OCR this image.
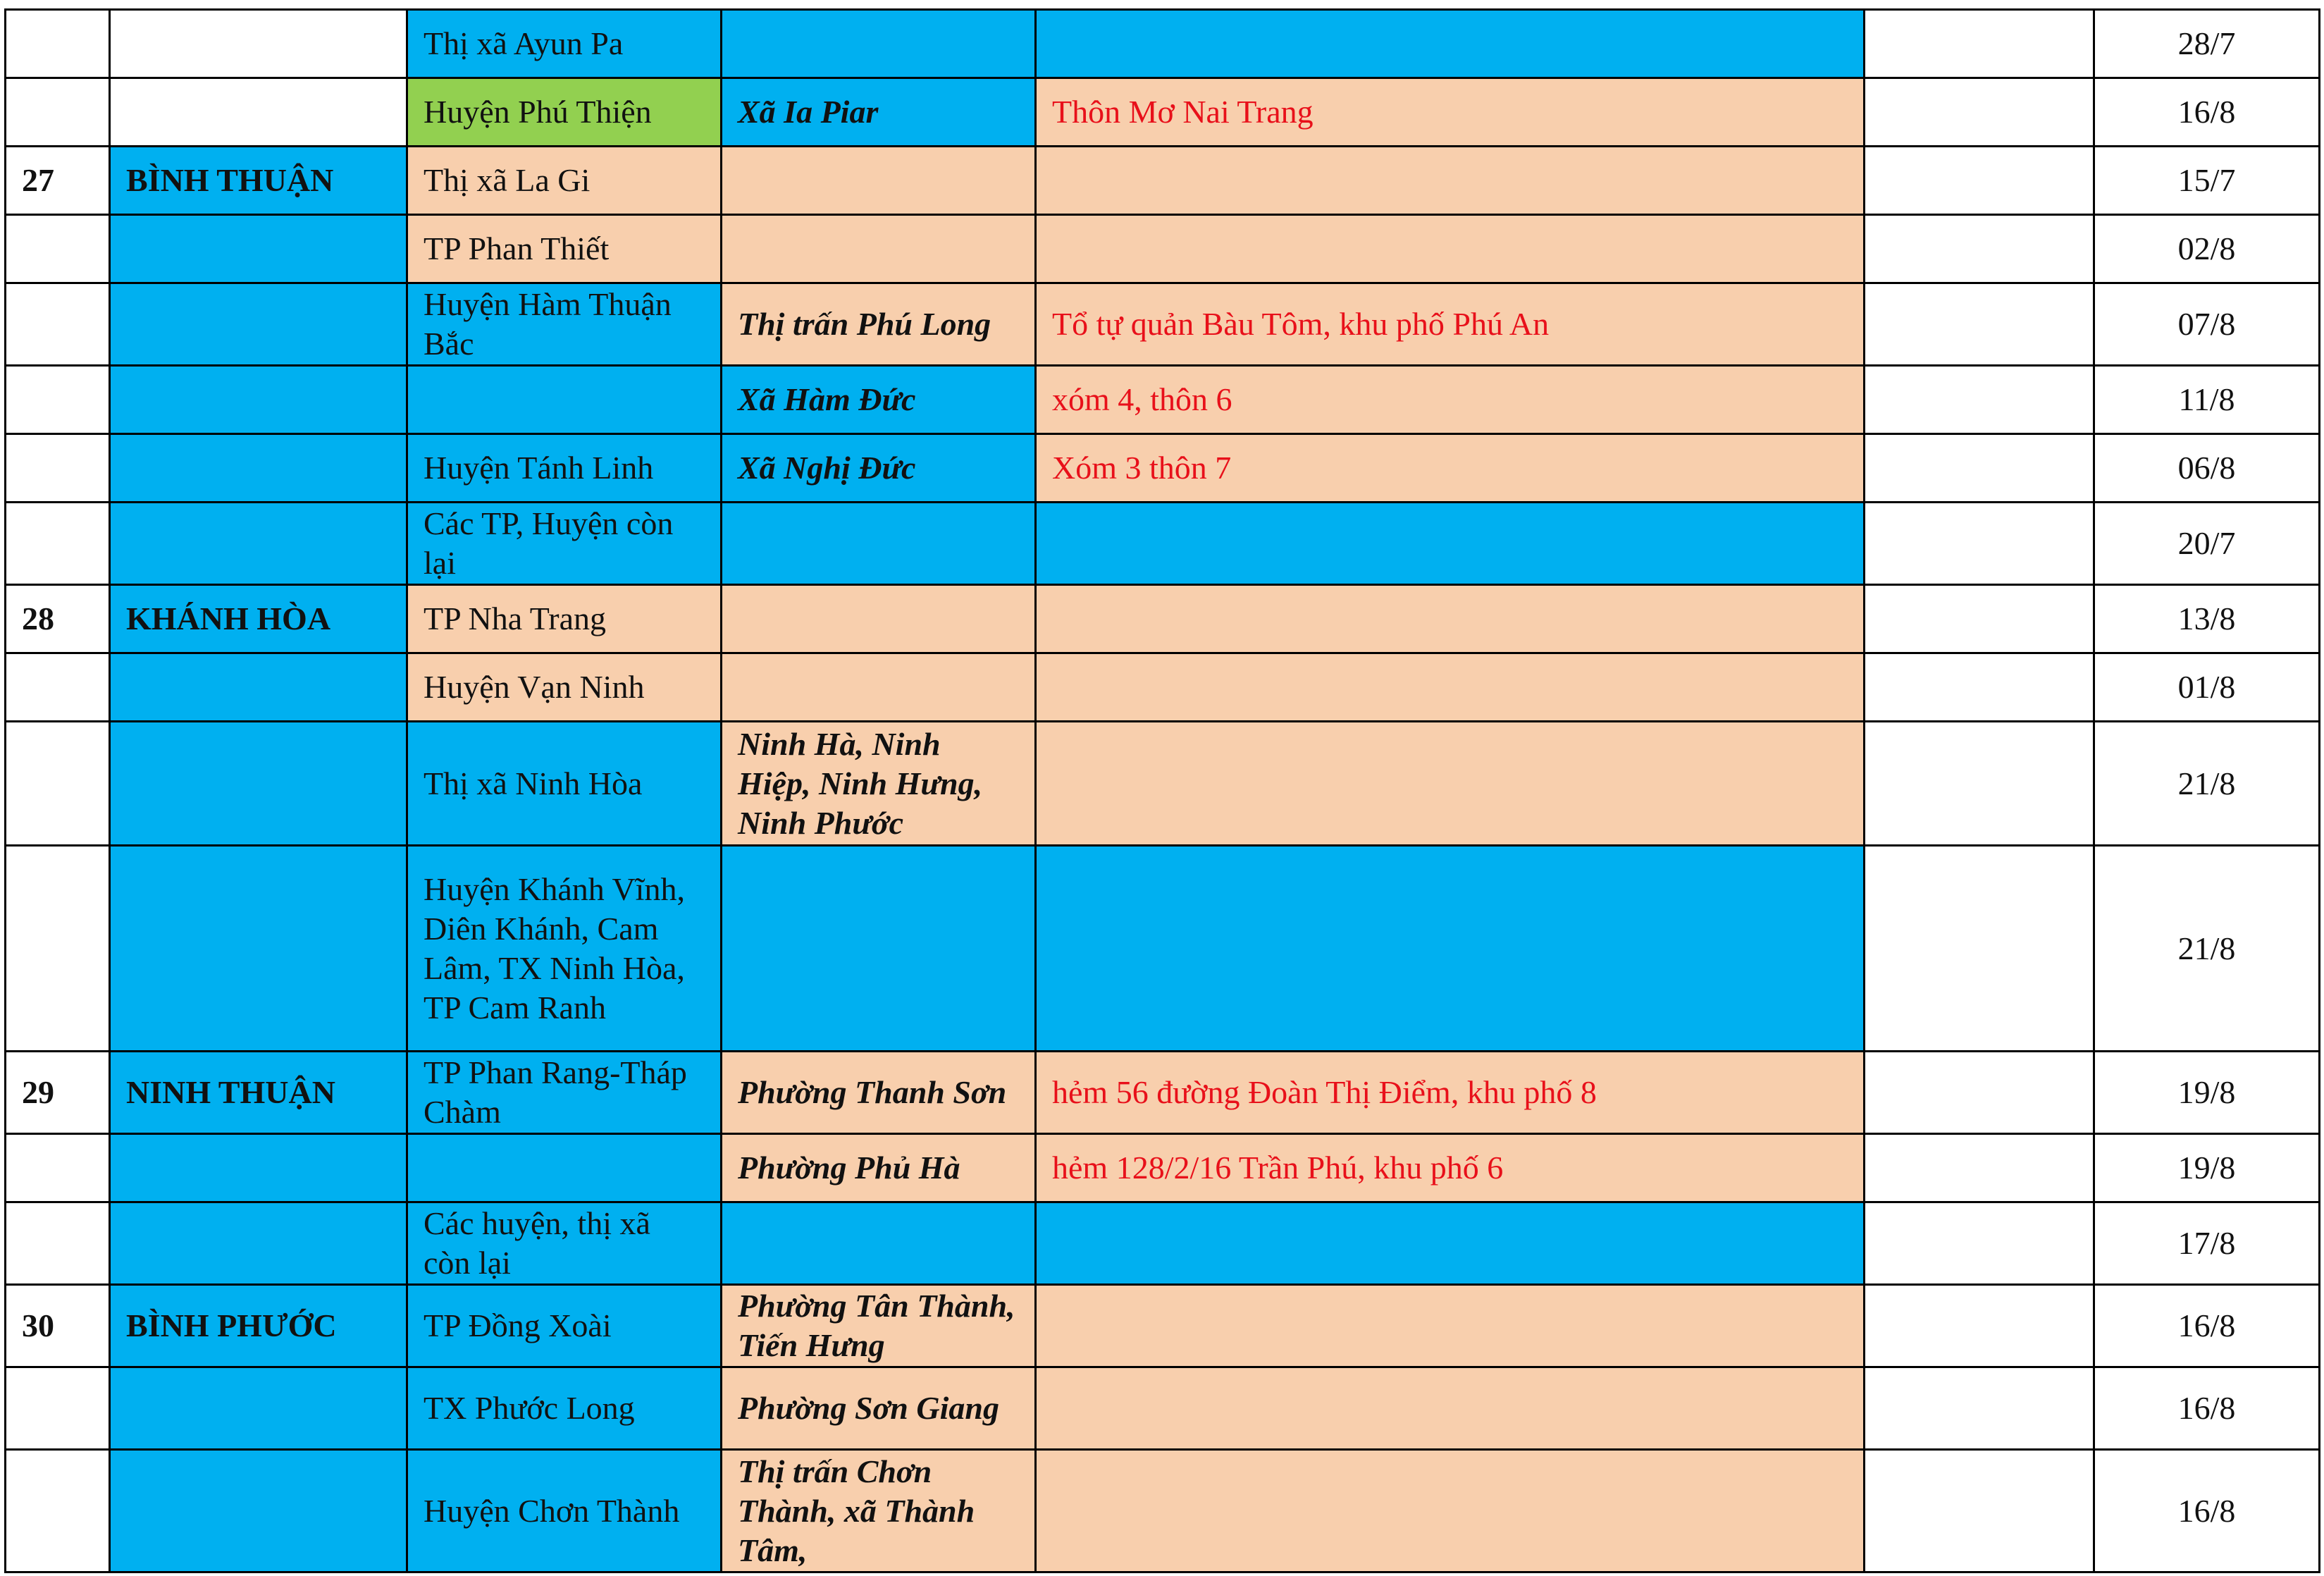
		Thị xã Ayun Pa				28/7
		Huyện Phú Thiện	Xã Ia Piar	Thôn Mơ Nai Trang		16/8
27	BÌNH THUẬN	Thị xã La Gi				15/7
		TP Phan Thiết				02/8
		Huyện Hàm Thuận Bắc	Thị trấn Phú Long	Tổ tự quản Bàu Tôm, khu phố Phú An		07/8
			Xã Hàm Đức	xóm 4, thôn 6		11/8
		Huyện Tánh Linh	Xã Nghị Đức	Xóm 3 thôn 7		06/8
		Các TP, Huyện còn lại				20/7
28	KHÁNH HÒA	TP Nha Trang				13/8
		Huyện Vạn Ninh				01/8
		Thị xã Ninh Hòa	Ninh Hà, Ninh Hiệp, Ninh Hưng, Ninh Phước			21/8
		Huyện Khánh Vĩnh, Diên Khánh, Cam Lâm, TX Ninh Hòa, TP Cam Ranh				21/8
29	NINH THUẬN	TP Phan Rang-Tháp Chàm	Phường Thanh Sơn	hẻm 56 đường Đoàn Thị Điểm, khu phố 8		19/8
			Phường Phủ Hà	hẻm 128/2/16 Trần Phú, khu phố 6		19/8
		Các huyện, thị xã còn lại				17/8
30	BÌNH PHƯỚC	TP Đồng Xoài	Phường Tân Thành, Tiến Hưng			16/8
		TX Phước Long	Phường Sơn Giang			16/8
		Huyện Chơn Thành	Thị trấn Chơn Thành, xã Thành Tâm,			16/8
